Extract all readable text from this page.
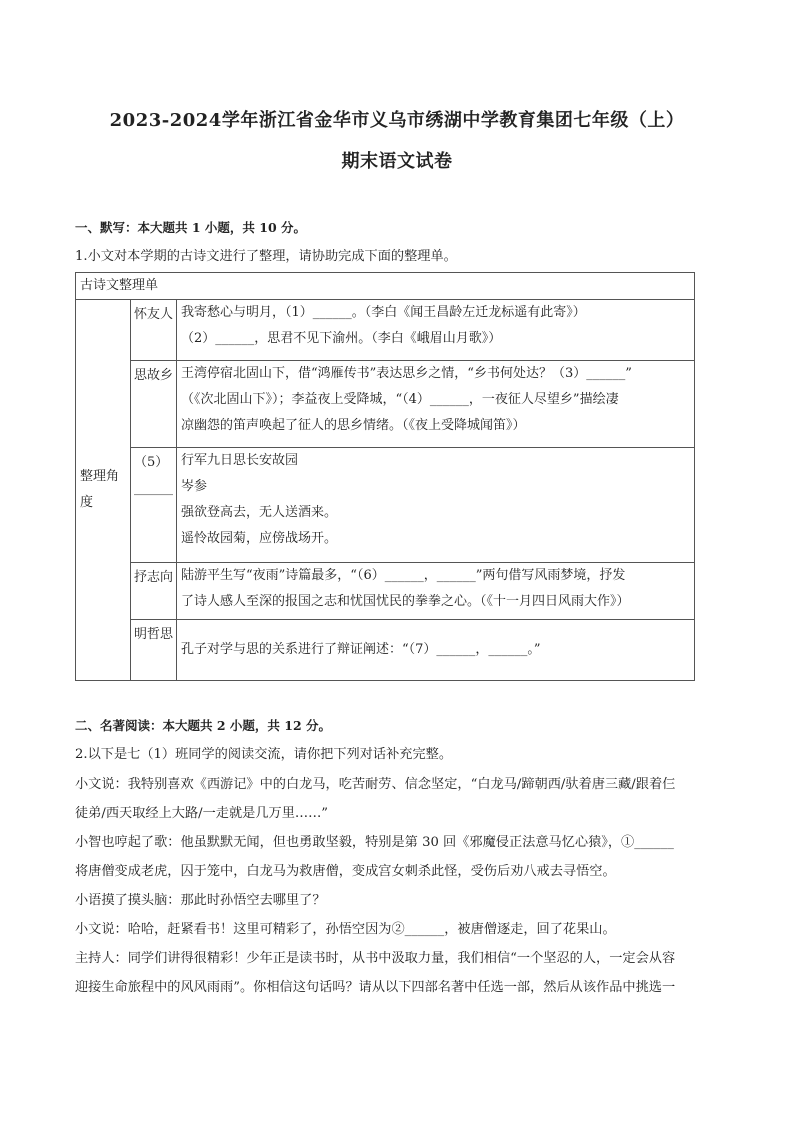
2023-2024学年浙江省金华市义乌市绣湖中学教育集团七年级（上）
期末语文试卷
一、默写：本大题共 1 小题，共 10 分。
1.小文对本学期的古诗文进行了整理，请协助完成下面的整理单。
古诗文整理单		
整理角度	怀友人	我寄愁心与明月，（1）______。（李白《闻王昌龄左迁龙标遥有此寄》）
（2）______，思君不见下渝州。（李白《峨眉山月歌》）

	思故乡	王湾停宿北固山下，借“鸿雁传书”表达思乡之情，“乡书何处达？（3）______”
（《次北固山下》）；李益夜上受降城，“（4）______，一夜征人尽望乡”描绘凄
凉幽怨的笛声唤起了征人的思乡情绪。（《夜上受降城闻笛》）

	（5）______	行军九日思长安故园
岑参
强欲登高去，无人送酒来。
遥怜故园菊，应傍战场开。

	抒志向	陆游平生写“夜雨”诗篇最多，“（6）______，______”两句借写风雨梦境，抒发
了诗人感人至深的报国之志和忧国忧民的拳拳之心。（《十一月四日风雨大作》）

	明哲思	孔子对学与思的关系进行了辩证阐述：“（7）______，______。”
二、名著阅读：本大题共 2 小题，共 12 分。
2.以下是七（1）班同学的阅读交流，请你把下列对话补充完整。
小文说：我特别喜欢《西游记》中的白龙马，吃苦耐劳、信念坚定，“白龙马/蹄朝西/驮着唐三藏/跟着仨
徒弟/西天取经上大路/一走就是几万里……”
小智也哼起了歌：他虽默默无闻，但也勇敢坚毅，特别是第 30 回《邪魔侵正法意马忆心猿》，①______
将唐僧变成老虎，囚于笼中，白龙马为救唐僧，变成宫女刺杀此怪，受伤后劝八戒去寻悟空。
小语摸了摸头脑：那此时孙悟空去哪里了？
小文说：哈哈，赶紧看书！这里可精彩了，孙悟空因为②______，被唐僧逐走，回了花果山。
主持人：同学们讲得很精彩！少年正是读书时，从书中汲取力量，我们相信“一个坚忍的人，一定会从容
迎接生命旅程中的风风雨雨”。你相信这句话吗？请从以下四部名著中任选一部，然后从该作品中挑选一
